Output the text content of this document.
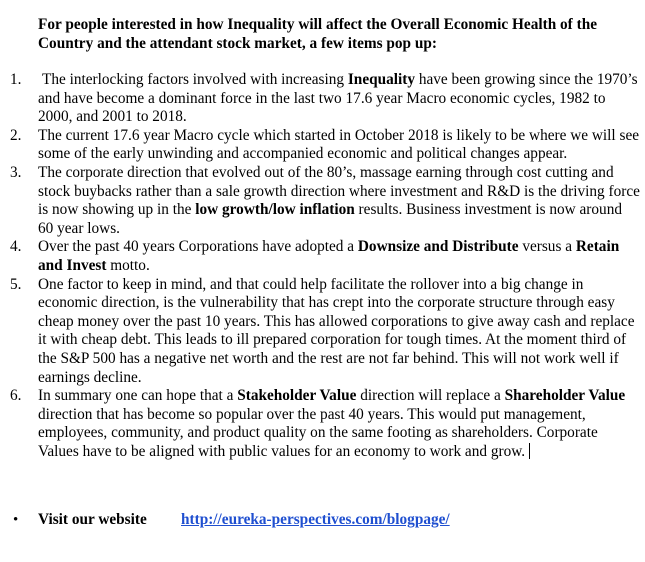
For people interested in how Inequality will affect the Overall Economic Health of the Country and the attendant stock market, a few items pop up:

1. The interlocking factors involved with increasing Inequality have been growing since the 1970’s and have become a dominant force in the last two 17.6 year Macro economic cycles, 1982 to 2000, and 2001 to 2018.
2. The current 17.6 year Macro cycle which started in October 2018 is likely to be where we will see some of the early unwinding and accompanied economic and political changes appear.
3. The corporate direction that evolved out of the 80’s, massage earning through cost cutting and stock buybacks rather than a sale growth direction where investment and R&D is the driving force is now showing up in the low growth/low inflation results. Business investment is now around 60 year lows.
4. Over the past 40 years Corporations have adopted a Downsize and Distribute versus a Retain and Invest motto.
5. One factor to keep in mind, and that could help facilitate the rollover into a big change in economic direction, is the vulnerability that has crept into the corporate structure through easy cheap money over the past 10 years. This has allowed corporations to give away cash and replace it with cheap debt. This leads to ill prepared corporation for tough times. At the moment third of the S&P 500 has a negative net worth and the rest are not far behind. This will not work well if earnings decline.
6. In summary one can hope that a Stakeholder Value direction will replace a Shareholder Value direction that has become so popular over the past 40 years. This would put management, employees, community, and product quality on the same footing as shareholders. Corporate Values have to be aligned with public values for an economy to work and grow.
• Visit our website http://eureka-perspectives.com/blogpage/
